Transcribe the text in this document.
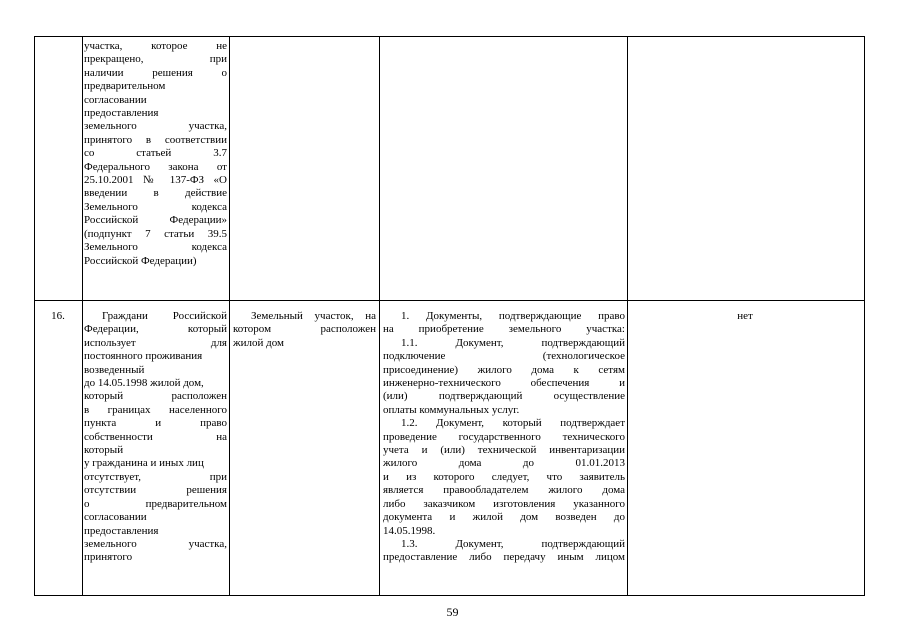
участка, которое не
прекращено, при
наличии решения о
предварительном
согласовании
предоставления
земельного участка,
принятого в соответствии
со статьей 3.7
Федерального закона от
25.10.2001 № 137-ФЗ «О
введении в действие
Земельного кодекса
Российской Федерации»
(подпункт 7 статьи 39.5
Земельного кодекса
Российской Федерации)
16.	Граждани Российской
Федерации, который
использует для
постоянного проживания
возведенный
до 14.05.1998 жилой дом,
который расположен
в границах населенного
пункта и право
собственности на
который
у гражданина и иных лиц
отсутствует, при
отсутствии решения
о предварительном
согласовании
предоставления
земельного участка,
принятого
Земельный участок, на
котором расположен
жилой дом
1. Документы, подтверждающие право
на приобретение земельного участка:
1.1. Документ, подтверждающий
подключение (технологическое
присоединение) жилого дома к сетям
инженерно-технического обеспечения и
(или) подтверждающий осуществление
оплаты коммунальных услуг.
1.2. Документ, который подтверждает
проведение государственного технического
учета и (или) технической инвентаризации
жилого дома до 01.01.2013
и из которого следует, что заявитель
является правообладателем жилого дома
либо заказчиком изготовления указанного
документа и жилой дом возведен до
14.05.1998.
1.3. Документ, подтверждающий
предоставление либо передачу иным лицом
нет
59
